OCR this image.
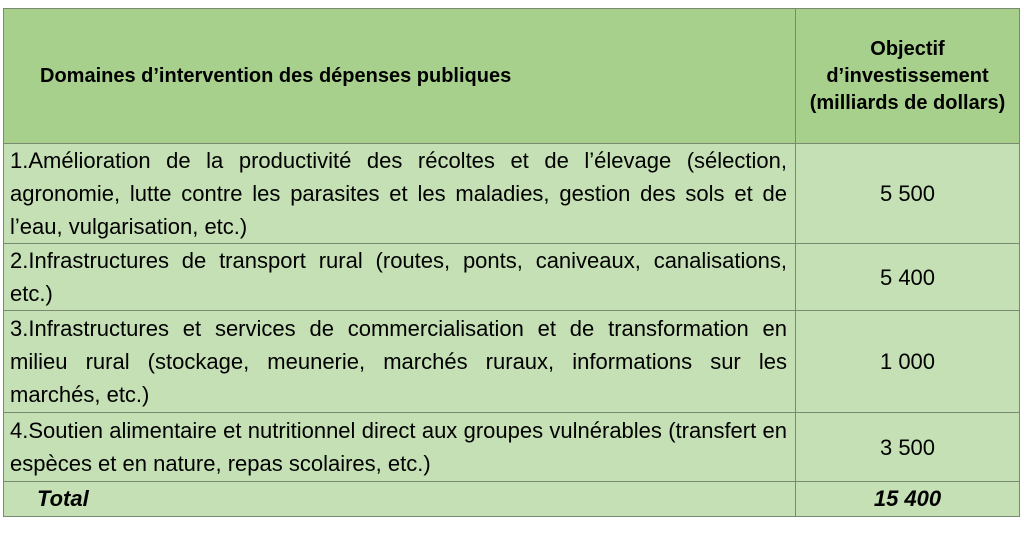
Domaines d’intervention des dépenses publiques	Objectif d’investissement (milliards de dollars)
1.Amélioration de la productivité des récoltes et de l’élevage (sélection, agronomie, lutte contre les parasites et les maladies, gestion des sols et de l’eau, vulgarisation, etc.)	5 500
2.Infrastructures de transport rural (routes, ponts, caniveaux, canalisations, etc.)	5 400
3.Infrastructures et services de commercialisation et de transformation en milieu rural (stockage, meunerie, marchés ruraux, informations sur les marchés, etc.)	1 000
4.Soutien alimentaire et nutritionnel direct aux groupes vulnérables (transfert en espèces et en nature, repas scolaires, etc.)	3 500
Total	15 400
